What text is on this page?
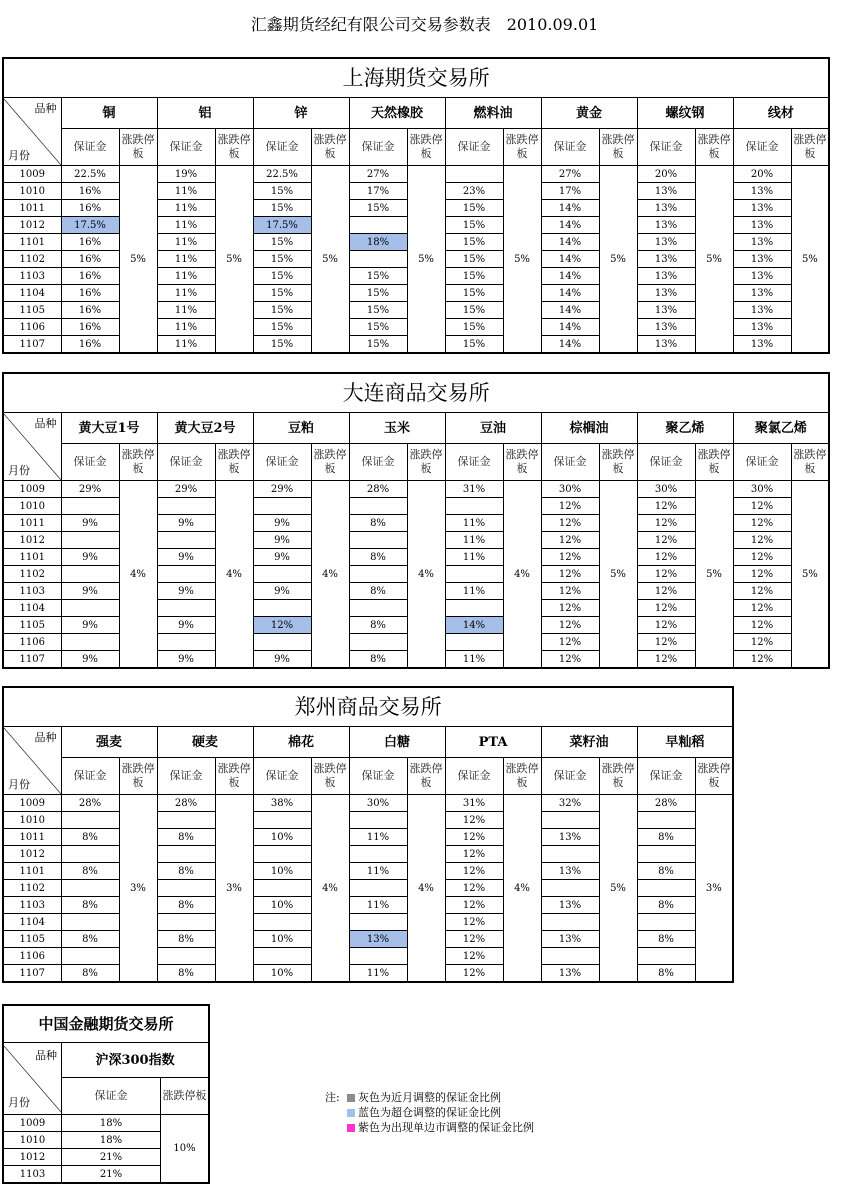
汇鑫期货经纪有限公司交易参数表　2010.09.01
上海期货交易所																

品种
月份	铜		铝		锌		天然橡胶		燃料油		黄金		螺纹钢		线材	
	保证金	涨跌停板	保证金	涨跌停板	保证金	涨跌停板	保证金	涨跌停板	保证金	涨跌停板	保证金	涨跌停板	保证金	涨跌停板	保证金	涨跌停板
1009	22.5%	5%	19%	5%	22.5%	5%	27%	5%		5%	27%	5%	20%	5%	20%	5%
1010	16%		11%		15%		17%		23%		17%		13%		13%	
1011	16%		11%		15%		15%		15%		14%		13%		13%	
1012	17.5%		11%		17.5%				15%		14%		13%		13%	
1101	16%		11%		15%		18%		15%		14%		13%		13%	
1102	16%		11%		15%				15%		14%		13%		13%	
1103	16%		11%		15%		15%		15%		14%		13%		13%	
1104	16%		11%		15%		15%		15%		14%		13%		13%	
1105	16%		11%		15%		15%		15%		14%		13%		13%	
1106	16%		11%		15%		15%		15%		14%		13%		13%	
1107	16%		11%		15%		15%		15%		14%		13%		13%	
大连商品交易所																

品种
月份	黄大豆1号		黄大豆2号		豆粕		玉米		豆油		棕榈油		聚乙烯		聚氯乙烯	
	保证金	涨跌停板	保证金	涨跌停板	保证金	涨跌停板	保证金	涨跌停板	保证金	涨跌停板	保证金	涨跌停板	保证金	涨跌停板	保证金	涨跌停板
1009	29%	4%	29%	4%	29%	4%	28%	4%	31%	4%	30%	5%	30%	5%	30%	5%
1010											12%		12%		12%	
1011	9%		9%		9%		8%		11%		12%		12%		12%	
1012					9%				11%		12%		12%		12%	
1101	9%		9%		9%		8%		11%		12%		12%		12%	
1102											12%		12%		12%	
1103	9%		9%		9%		8%		11%		12%		12%		12%	
1104											12%		12%		12%	
1105	9%		9%		12%		8%		14%		12%		12%		12%	
1106											12%		12%		12%	
1107	9%		9%		9%		8%		11%		12%		12%		12%	
郑州商品交易所														

品种
月份	强麦		硬麦		棉花		白糖		PTA		菜籽油		早籼稻	
	保证金	涨跌停板	保证金	涨跌停板	保证金	涨跌停板	保证金	涨跌停板	保证金	涨跌停板	保证金	涨跌停板	保证金	涨跌停板
1009	28%	3%	28%	3%	38%	4%	30%	4%	31%	4%	32%	5%	28%	3%
1010									12%					
1011	8%		8%		10%		11%		12%		13%		8%	
1012									12%					
1101	8%		8%		10%		11%		12%		13%		8%	
1102									12%					
1103	8%		8%		10%		11%		12%		13%		8%	
1104									12%					
1105	8%		8%		10%		13%		12%		13%		8%	
1106									12%					
1107	8%		8%		10%		11%		12%		13%		8%	
中国金融期货交易所		

品种
月份	沪深300指数	
	保证金	涨跌停板
1009	18%	10%
1010	18%	
1012	21%	
1103	21%	
注:	灰色为近月调整的保证金比例
蓝色为超仓调整的保证金比例
紫色为出现单边市调整的保证金比例
